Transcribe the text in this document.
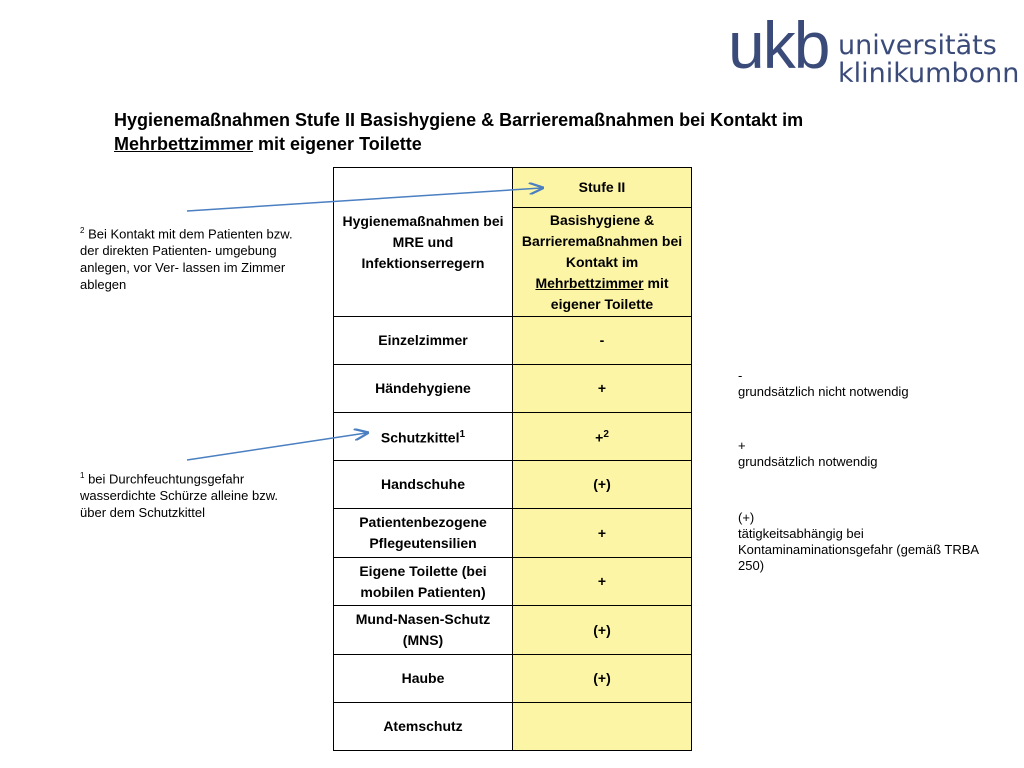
ukb universitäts
klinikumbonn
Hygienemaßnahmen Stufe II Basishygiene & Barrieremaßnahmen bei Kontakt im
Mehrbettzimmer mit eigener Toilette
Hygienemaßnahmen bei MRE und Infektionserregern	Stufe II
	Basishygiene & Barrieremaßnahmen bei Kontakt im Mehrbettzimmer mit eigener Toilette
Einzelzimmer	-
Händehygiene	+
Schutzkittel$^1$	+$^2$
Handschuhe	(+)
Patientenbezogene Pflegeutensilien	+
Eigene Toilette (bei mobilen Patienten)	+
Mund-Nasen-Schutz (MNS)	(+)
Haube	(+)
Atemschutz	
$^2$ Bei Kontakt mit dem Patienten bzw. der direkten Patienten- umgebung anlegen, vor Ver- lassen im Zimmer ablegen
$^1$ bei Durchfeuchtungsgefahr wasserdichte Schürze alleine bzw. über dem Schutzkittel
-
grundsätzlich nicht notwendig
+
grundsätzlich notwendig
(+)
tätigkeitsabhängig bei Kontaminaminationsgefahr (gemäß TRBA 250)
